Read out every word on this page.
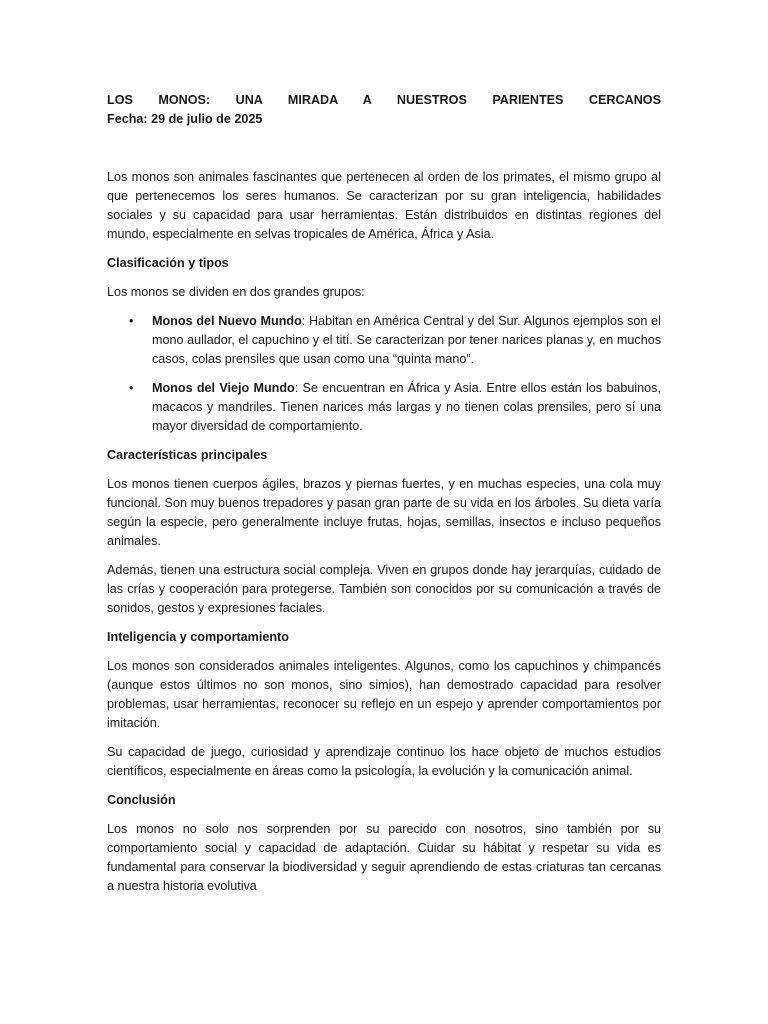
LOS MONOS: UNA MIRADA A NUESTROS PARIENTES CERCANOS

Fecha: 29 de julio de 2025

Los monos son animales fascinantes que pertenecen al orden de los primates, el mismo grupo al que pertenecemos los seres humanos. Se caracterizan por su gran inteligencia, habilidades sociales y su capacidad para usar herramientas. Están distribuidos en distintas regiones del mundo, especialmente en selvas tropicales de América, África y Asia.

Clasificación y tipos

Los monos se dividen en dos grandes grupos:

• Monos del Nuevo Mundo: Habitan en América Central y del Sur. Algunos ejemplos son el mono aullador, el capuchino y el tití. Se caracterizan por tener narices planas y, en muchos casos, colas prensiles que usan como una “quinta mano”.
• Monos del Viejo Mundo: Se encuentran en África y Asia. Entre ellos están los babuinos, macacos y mandriles. Tienen narices más largas y no tienen colas prensiles, pero sí una mayor diversidad de comportamiento.
Características principales

Los monos tienen cuerpos ágiles, brazos y piernas fuertes, y en muchas especies, una cola muy funcional. Son muy buenos trepadores y pasan gran parte de su vida en los árboles. Su dieta varía según la especie, pero generalmente incluye frutas, hojas, semillas, insectos e incluso pequeños animales.

Además, tienen una estructura social compleja. Viven en grupos donde hay jerarquías, cuidado de las crías y cooperación para protegerse. También son conocidos por su comunicación a través de sonidos, gestos y expresiones faciales.

Inteligencia y comportamiento

Los monos son considerados animales inteligentes. Algunos, como los capuchinos y chimpancés (aunque estos últimos no son monos, sino simios), han demostrado capacidad para resolver problemas, usar herramientas, reconocer su reflejo en un espejo y aprender comportamientos por imitación.

Su capacidad de juego, curiosidad y aprendizaje continuo los hace objeto de muchos estudios científicos, especialmente en áreas como la psicología, la evolución y la comunicación animal.

Conclusión

Los monos no solo nos sorprenden por su parecido con nosotros, sino también por su comportamiento social y capacidad de adaptación. Cuidar su hábitat y respetar su vida es fundamental para conservar la biodiversidad y seguir aprendiendo de estas criaturas tan cercanas a nuestra historia evolutiva
